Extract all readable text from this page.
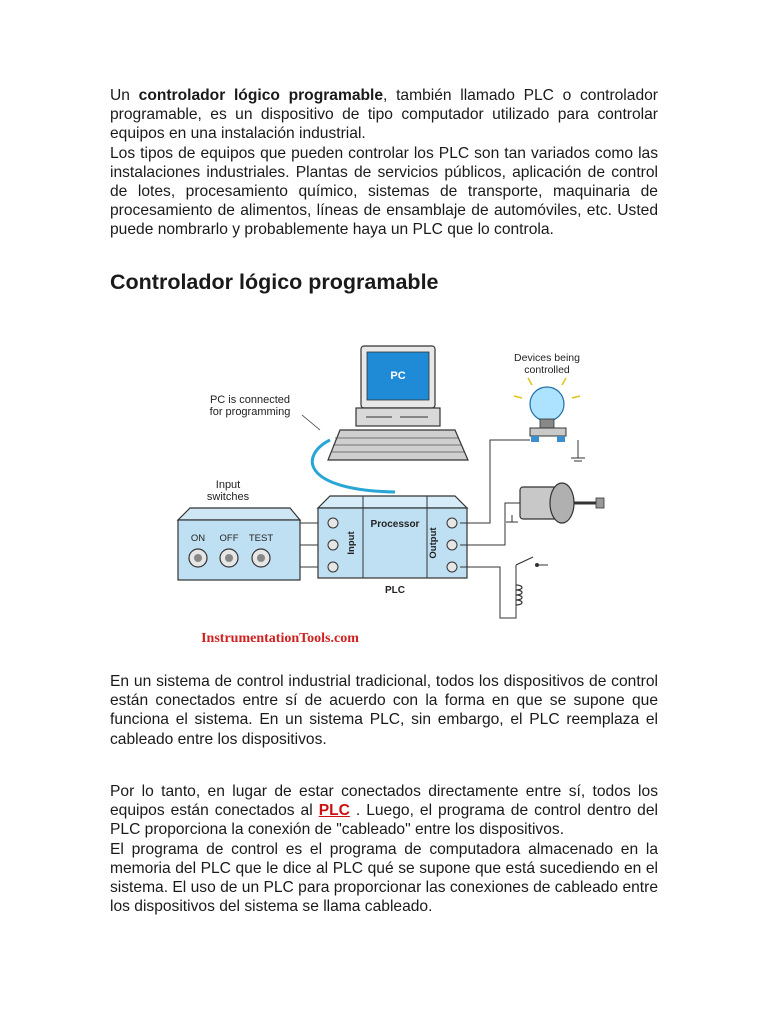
Un controlador lógico programable, también llamado PLC o controlador programable, es un dispositivo de tipo computador utilizado para controlar equipos en una instalación industrial.

Los tipos de equipos que pueden controlar los PLC son tan variados como las instalaciones industriales. Plantas de servicios públicos, aplicación de control de lotes, procesamiento químico, sistemas de transporte, maquinaria de procesamiento de alimentos, líneas de ensamblaje de automóviles, etc. Usted puede nombrarlo y probablemente haya un PLC que lo controla.

Controlador lógico programable

En un sistema de control industrial tradicional, todos los dispositivos de control están conectados entre sí de acuerdo con la forma en que se supone que funciona el sistema. En un sistema PLC, sin embargo, el PLC reemplaza el cableado entre los dispositivos.

Por lo tanto, en lugar de estar conectados directamente entre sí, todos los equipos están conectados al PLC . Luego, el programa de control dentro del PLC proporciona la conexión de "cableado" entre los dispositivos.

El programa de control es el programa de computadora almacenado en la memoria del PLC que le dice al PLC qué se supone que está sucediendo en el sistema. El uso de un PLC para proporcionar las conexiones de cableado entre los dispositivos del sistema se llama cableado.

PC
PC is connected
for programming
Devices being
controlled
Input
switches
ON OFF TEST
Processor
Input	Output
PLC
InstrumentationTools.com
